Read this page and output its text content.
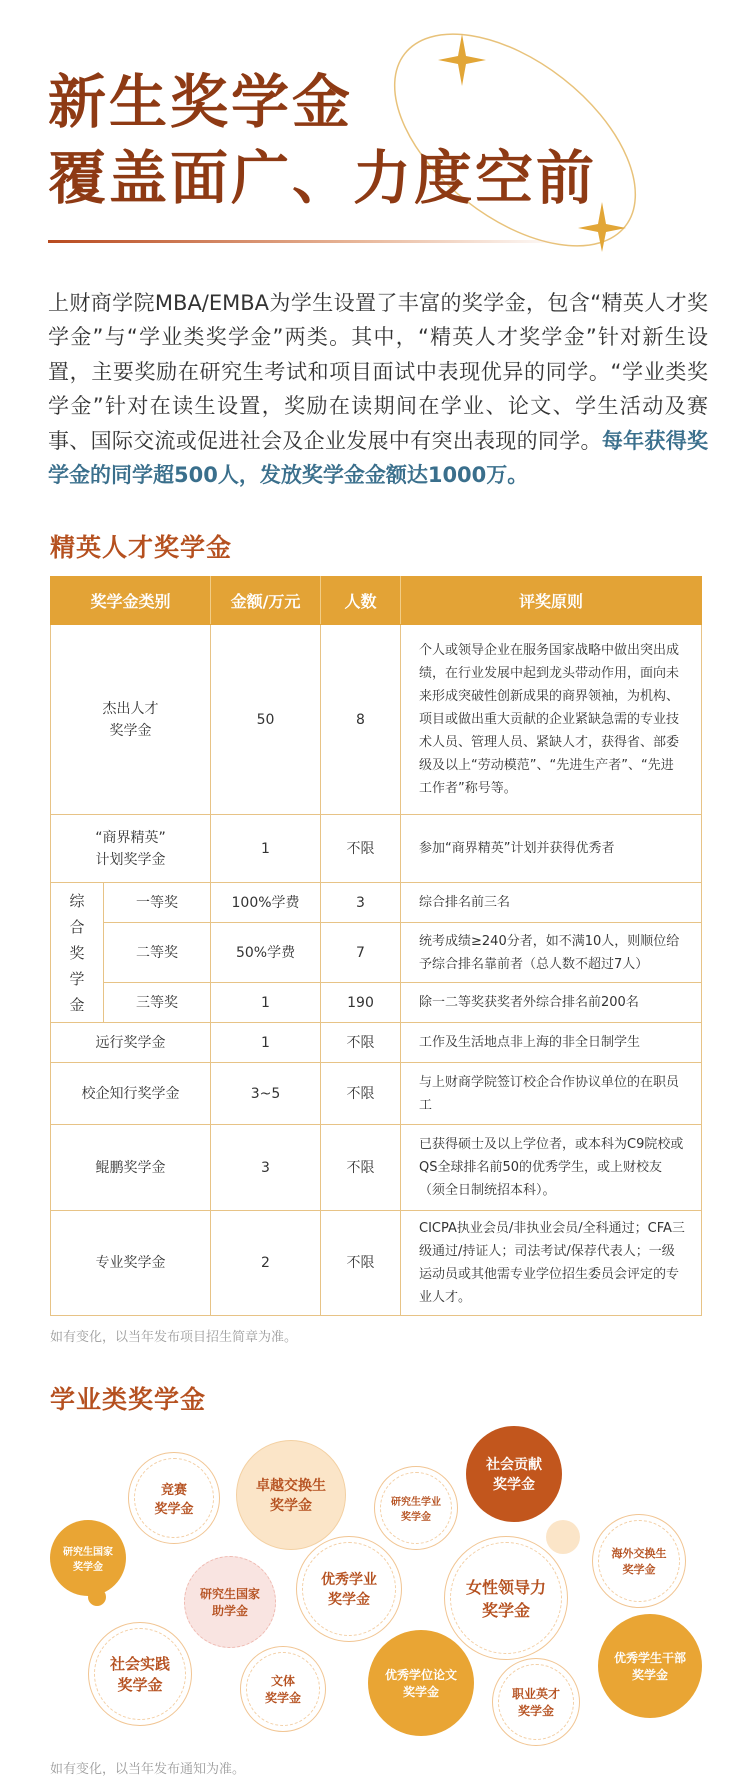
新生奖学金
覆盖面广、力度空前

上财商学院MBA/EMBA为学生设置了丰富的奖学金，包含“精英人才奖学金”与“学业类奖学金”两类。其中，“精英人才奖学金”针对新生设置，主要奖励在研究生考试和项目面试中表现优异的同学。“学业类奖学金”针对在读生设置，奖励在读期间在学业、论文、学生活动及赛事、国际交流或促进社会及企业发展中有突出表现的同学。每年获得奖学金的同学超500人，发放奖学金金额达1000万。

精英人才奖学金
奖学金类别		金额/万元	人数	评奖原则
杰出人才
奖学金		50	8	个人或领导企业在服务国家战略中做出突出成绩，在行业发展中起到龙头带动作用，面向未来形成突破性创新成果的商界领袖，为机构、项目或做出重大贡献的企业紧缺急需的专业技术人员、管理人员、紧缺人才，获得省、部委级及以上“劳动模范”、“先进生产者”、“先进工作者”称号等。
“商界精英”
计划奖学金		1	不限	参加“商界精英”计划并获得优秀者
综合奖学金	一等奖	100%学费	3	综合排名前三名
	二等奖	50%学费	7	统考成绩≥240分者，如不满10人，则顺位给予综合排名靠前者（总人数不超过7人）
	三等奖	1	190	除一二等奖获奖者外综合排名前200名
远行奖学金		1	不限	工作及生活地点非上海的非全日制学生
校企知行奖学金		3~5	不限	与上财商学院签订校企合作协议单位的在职员工
鲲鹏奖学金		3	不限	已获得硕士及以上学位者，或本科为C9院校或QS全球排名前50的优秀学生，或上财校友（须全日制统招本科）。
专业奖学金		2	不限	CICPA执业会员/非执业会员/全科通过；CFA三级通过/持证人；司法考试/保荐代表人；一级运动员或其他需专业学位招生委员会评定的专业人才。
如有变化，以当年发布项目招生简章为准。
学业类奖学金
竞赛
奖学金
卓越交换生
奖学金	研究生学业
奖学金
社会贡献
奖学金
研究生国家
奖学金
研究生国家
助学金
优秀学业
奖学金
女性领导力
奖学金
海外交换生
奖学金
社会实践
奖学金	文体
奖学金
优秀学位论文
奖学金	职业英才
奖学金
优秀学生干部
奖学金
如有变化，以当年发布通知为准。
